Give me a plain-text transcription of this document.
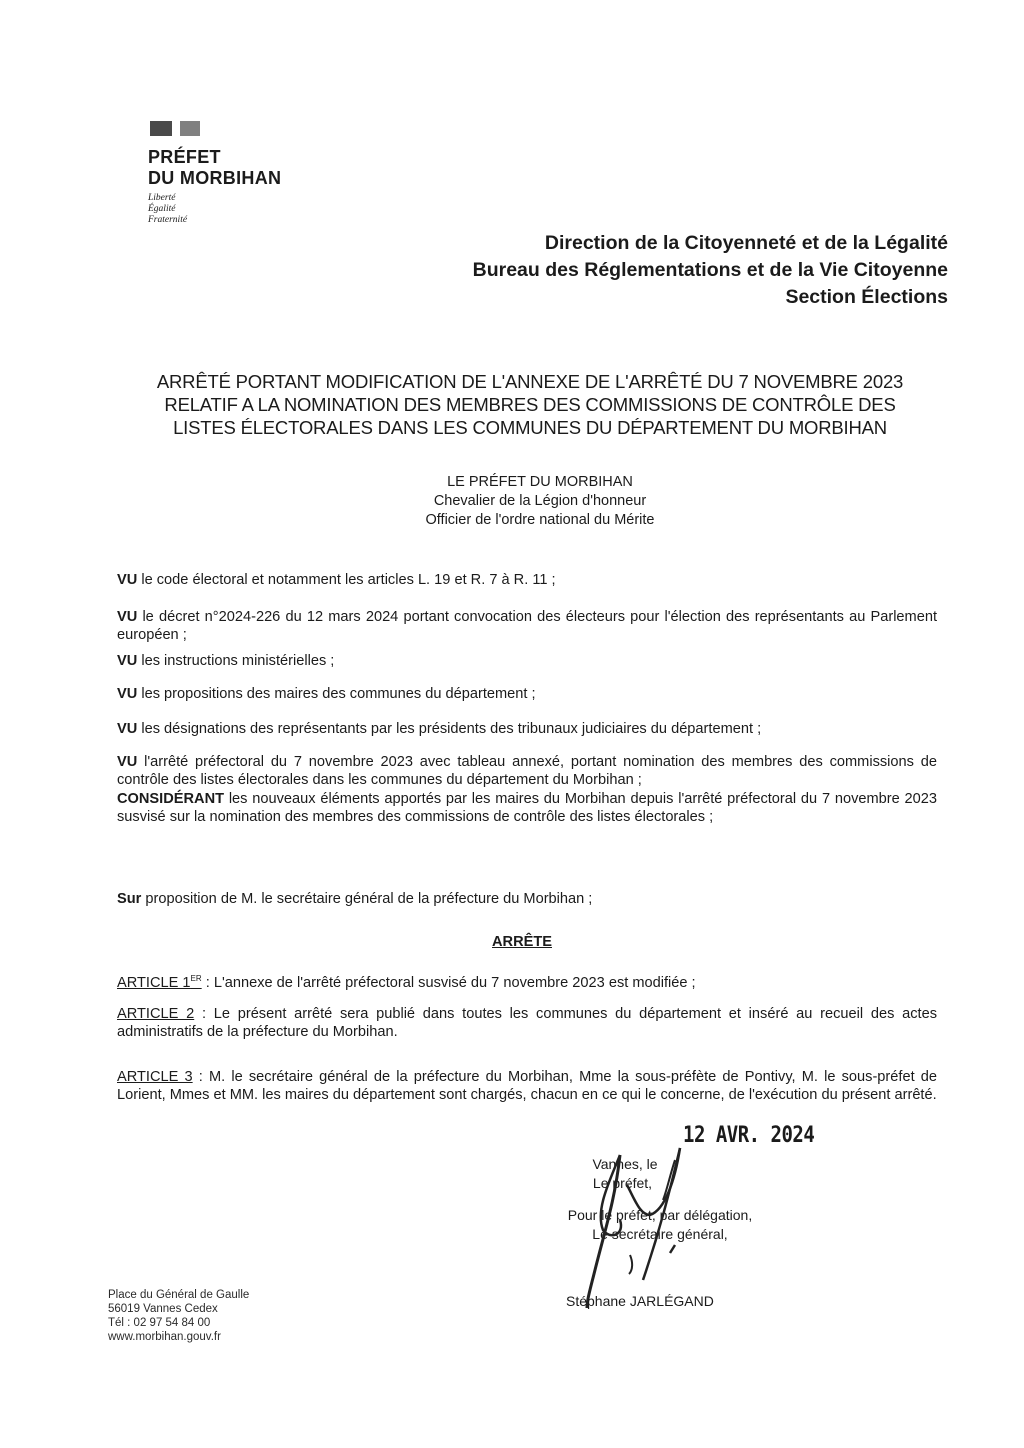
PRÉFET
DU MORBIHAN
Liberté
Égalité
Fraternité
Direction de la Citoyenneté et de la Légalité
Bureau des Réglementations et de la Vie Citoyenne
Section Élections
ARRÊTÉ PORTANT MODIFICATION DE L'ANNEXE DE L'ARRÊTÉ DU 7 NOVEMBRE 2023
RELATIF A LA NOMINATION DES MEMBRES DES COMMISSIONS DE CONTRÔLE DES
LISTES ÉLECTORALES DANS LES COMMUNES DU DÉPARTEMENT DU MORBIHAN
LE PRÉFET DU MORBIHAN
Chevalier de la Légion d'honneur
Officier de l'ordre national du Mérite
VU le code électoral et notamment les articles L. 19 et R. 7 à R. 11 ;
VU le décret n°2024-226 du 12 mars 2024 portant convocation des électeurs pour l'élection des représentants au Parlement européen ;
VU les instructions ministérielles ;
VU les propositions des maires des communes du département ;
VU les désignations des représentants par les présidents des tribunaux judiciaires du département ;
VU l'arrêté préfectoral du 7 novembre 2023 avec tableau annexé, portant nomination des membres des commissions de contrôle des listes électorales dans les communes du département du Morbihan ;
CONSIDÉRANT les nouveaux éléments apportés par les maires du Morbihan depuis l'arrêté préfectoral du 7 novembre 2023 susvisé sur la nomination des membres des commissions de contrôle des listes électorales ;
Sur proposition de M. le secrétaire général de la préfecture du Morbihan ;
ARRÊTE
ARTICLE 1ER : L'annexe de l'arrêté préfectoral susvisé du 7 novembre 2023 est modifiée ;
ARTICLE 2 : Le présent arrêté sera publié dans toutes les communes du département et inséré au recueil des actes administratifs de la préfecture du Morbihan.
ARTICLE 3 : M. le secrétaire général de la préfecture du Morbihan, Mme la sous-préfète de Pontivy, M. le sous-préfet de Lorient, Mmes et MM. les maires du département sont chargés, chacun en ce qui le concerne, de l'exécution du présent arrêté.
12 AVR. 2024
Vannes, le
Le préfet,
Pour le préfet, par délégation,
Le secrétaire général,
Stéphane JARLÉGAND
Place du Général de Gaulle
56019 Vannes Cedex
Tél : 02 97 54 84 00
www.morbihan.gouv.fr
